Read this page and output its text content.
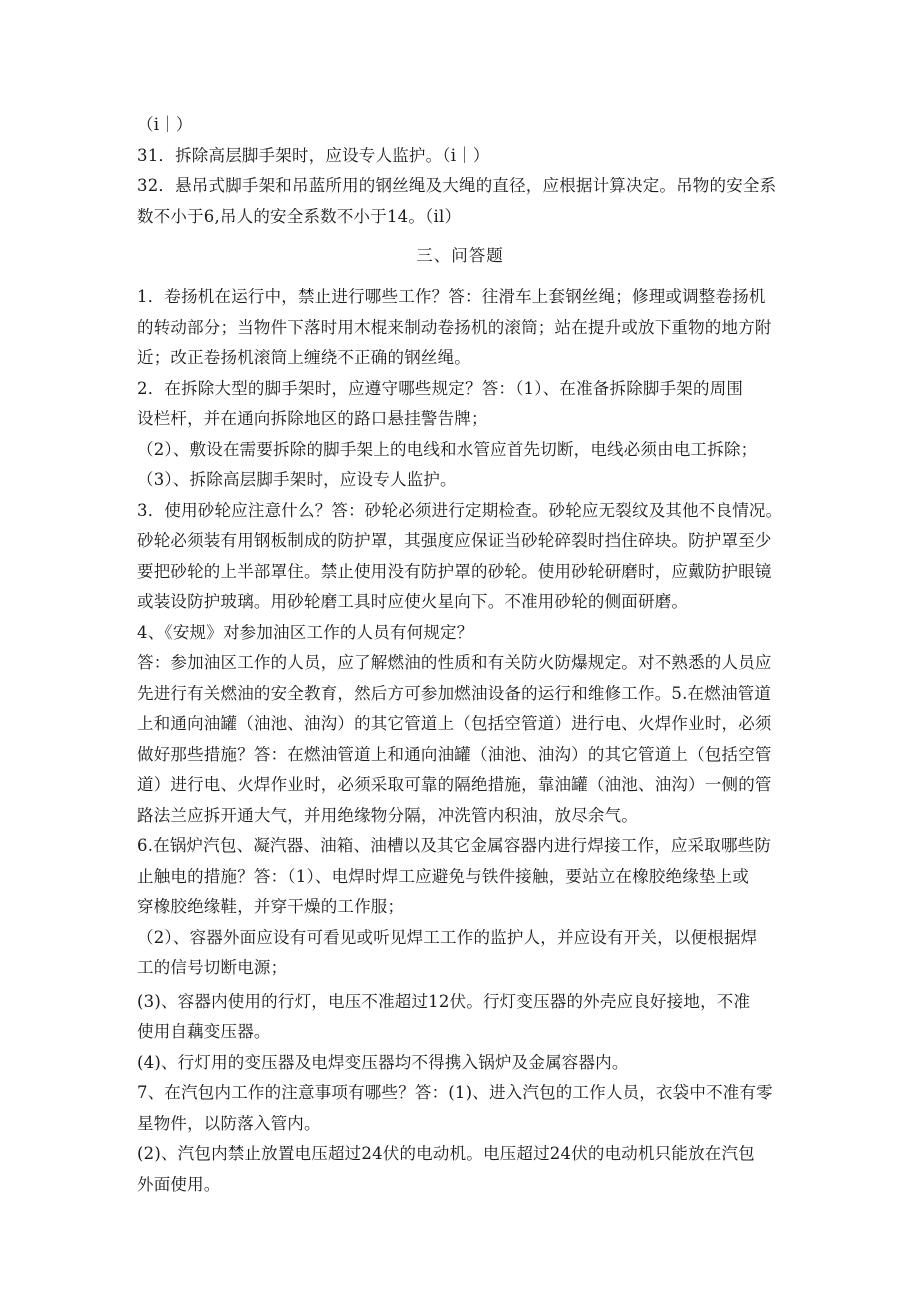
（i｜）
31．拆除高层脚手架时，应设专人监护。（i｜）
32．悬吊式脚手架和吊蓝所用的钢丝绳及大绳的直径，应根据计算决定。吊物的安全系
数不小于6,吊人的安全系数不小于14。（il）
三、问答题
1．卷扬机在运行中，禁止进行哪些工作？答：往滑车上套钢丝绳；修理或调整卷扬机
的转动部分；当物件下落时用木棍来制动卷扬机的滚筒；站在提升或放下重物的地方附
近；改正卷扬机滚筒上缠绕不正确的钢丝绳。
2．在拆除大型的脚手架时，应遵守哪些规定？答：（1）、在准备拆除脚手架的周围
设栏杆，并在通向拆除地区的路口悬挂警告牌；
（2）、敷设在需要拆除的脚手架上的电线和水管应首先切断，电线必须由电工拆除；
（3）、拆除高层脚手架时，应设专人监护。
3．使用砂轮应注意什么？答：砂轮必须进行定期检查。砂轮应无裂纹及其他不良情况。
砂轮必须装有用钢板制成的防护罩，其强度应保证当砂轮碎裂时挡住碎块。防护罩至少
要把砂轮的上半部罩住。禁止使用没有防护罩的砂轮。使用砂轮研磨时，应戴防护眼镜
或装设防护玻璃。用砂轮磨工具时应使火星向下。不准用砂轮的侧面研磨。
4、《安规》对参加油区工作的人员有何规定？
答：参加油区工作的人员，应了解燃油的性质和有关防火防爆规定。对不熟悉的人员应
先进行有关燃油的安全教育，然后方可参加燃油设备的运行和维修工作。5.在燃油管道
上和通向油罐（油池、油沟）的其它管道上（包括空管道）进行电、火焊作业时，必须
做好那些措施？答：在燃油管道上和通向油罐（油池、油沟）的其它管道上（包括空管
道）进行电、火焊作业时，必须采取可靠的隔绝措施，靠油罐（油池、油沟）一侧的管
路法兰应拆开通大气，并用绝缘物分隔，冲洗管内积油，放尽余气。
6.在锅炉汽包、凝汽器、油箱、油槽以及其它金属容器内进行焊接工作，应采取哪些防
止触电的措施？答：（1）、电焊时焊工应避免与铁件接触，要站立在橡胶绝缘垫上或
穿橡胶绝缘鞋，并穿干燥的工作服；
（2）、容器外面应设有可看见或听见焊工工作的监护人，并应设有开关，以便根据焊
工的信号切断电源；
(3)、容器内使用的行灯，电压不准超过12伏。行灯变压器的外壳应良好接地，不准
使用自藕变压器。
(4)、行灯用的变压器及电焊变压器均不得携入锅炉及金属容器内。
7、在汽包内工作的注意事项有哪些？答：(1)、进入汽包的工作人员，衣袋中不准有零
星物件，以防落入管内。
(2)、汽包内禁止放置电压超过24伏的电动机。电压超过24伏的电动机只能放在汽包
外面使用。
